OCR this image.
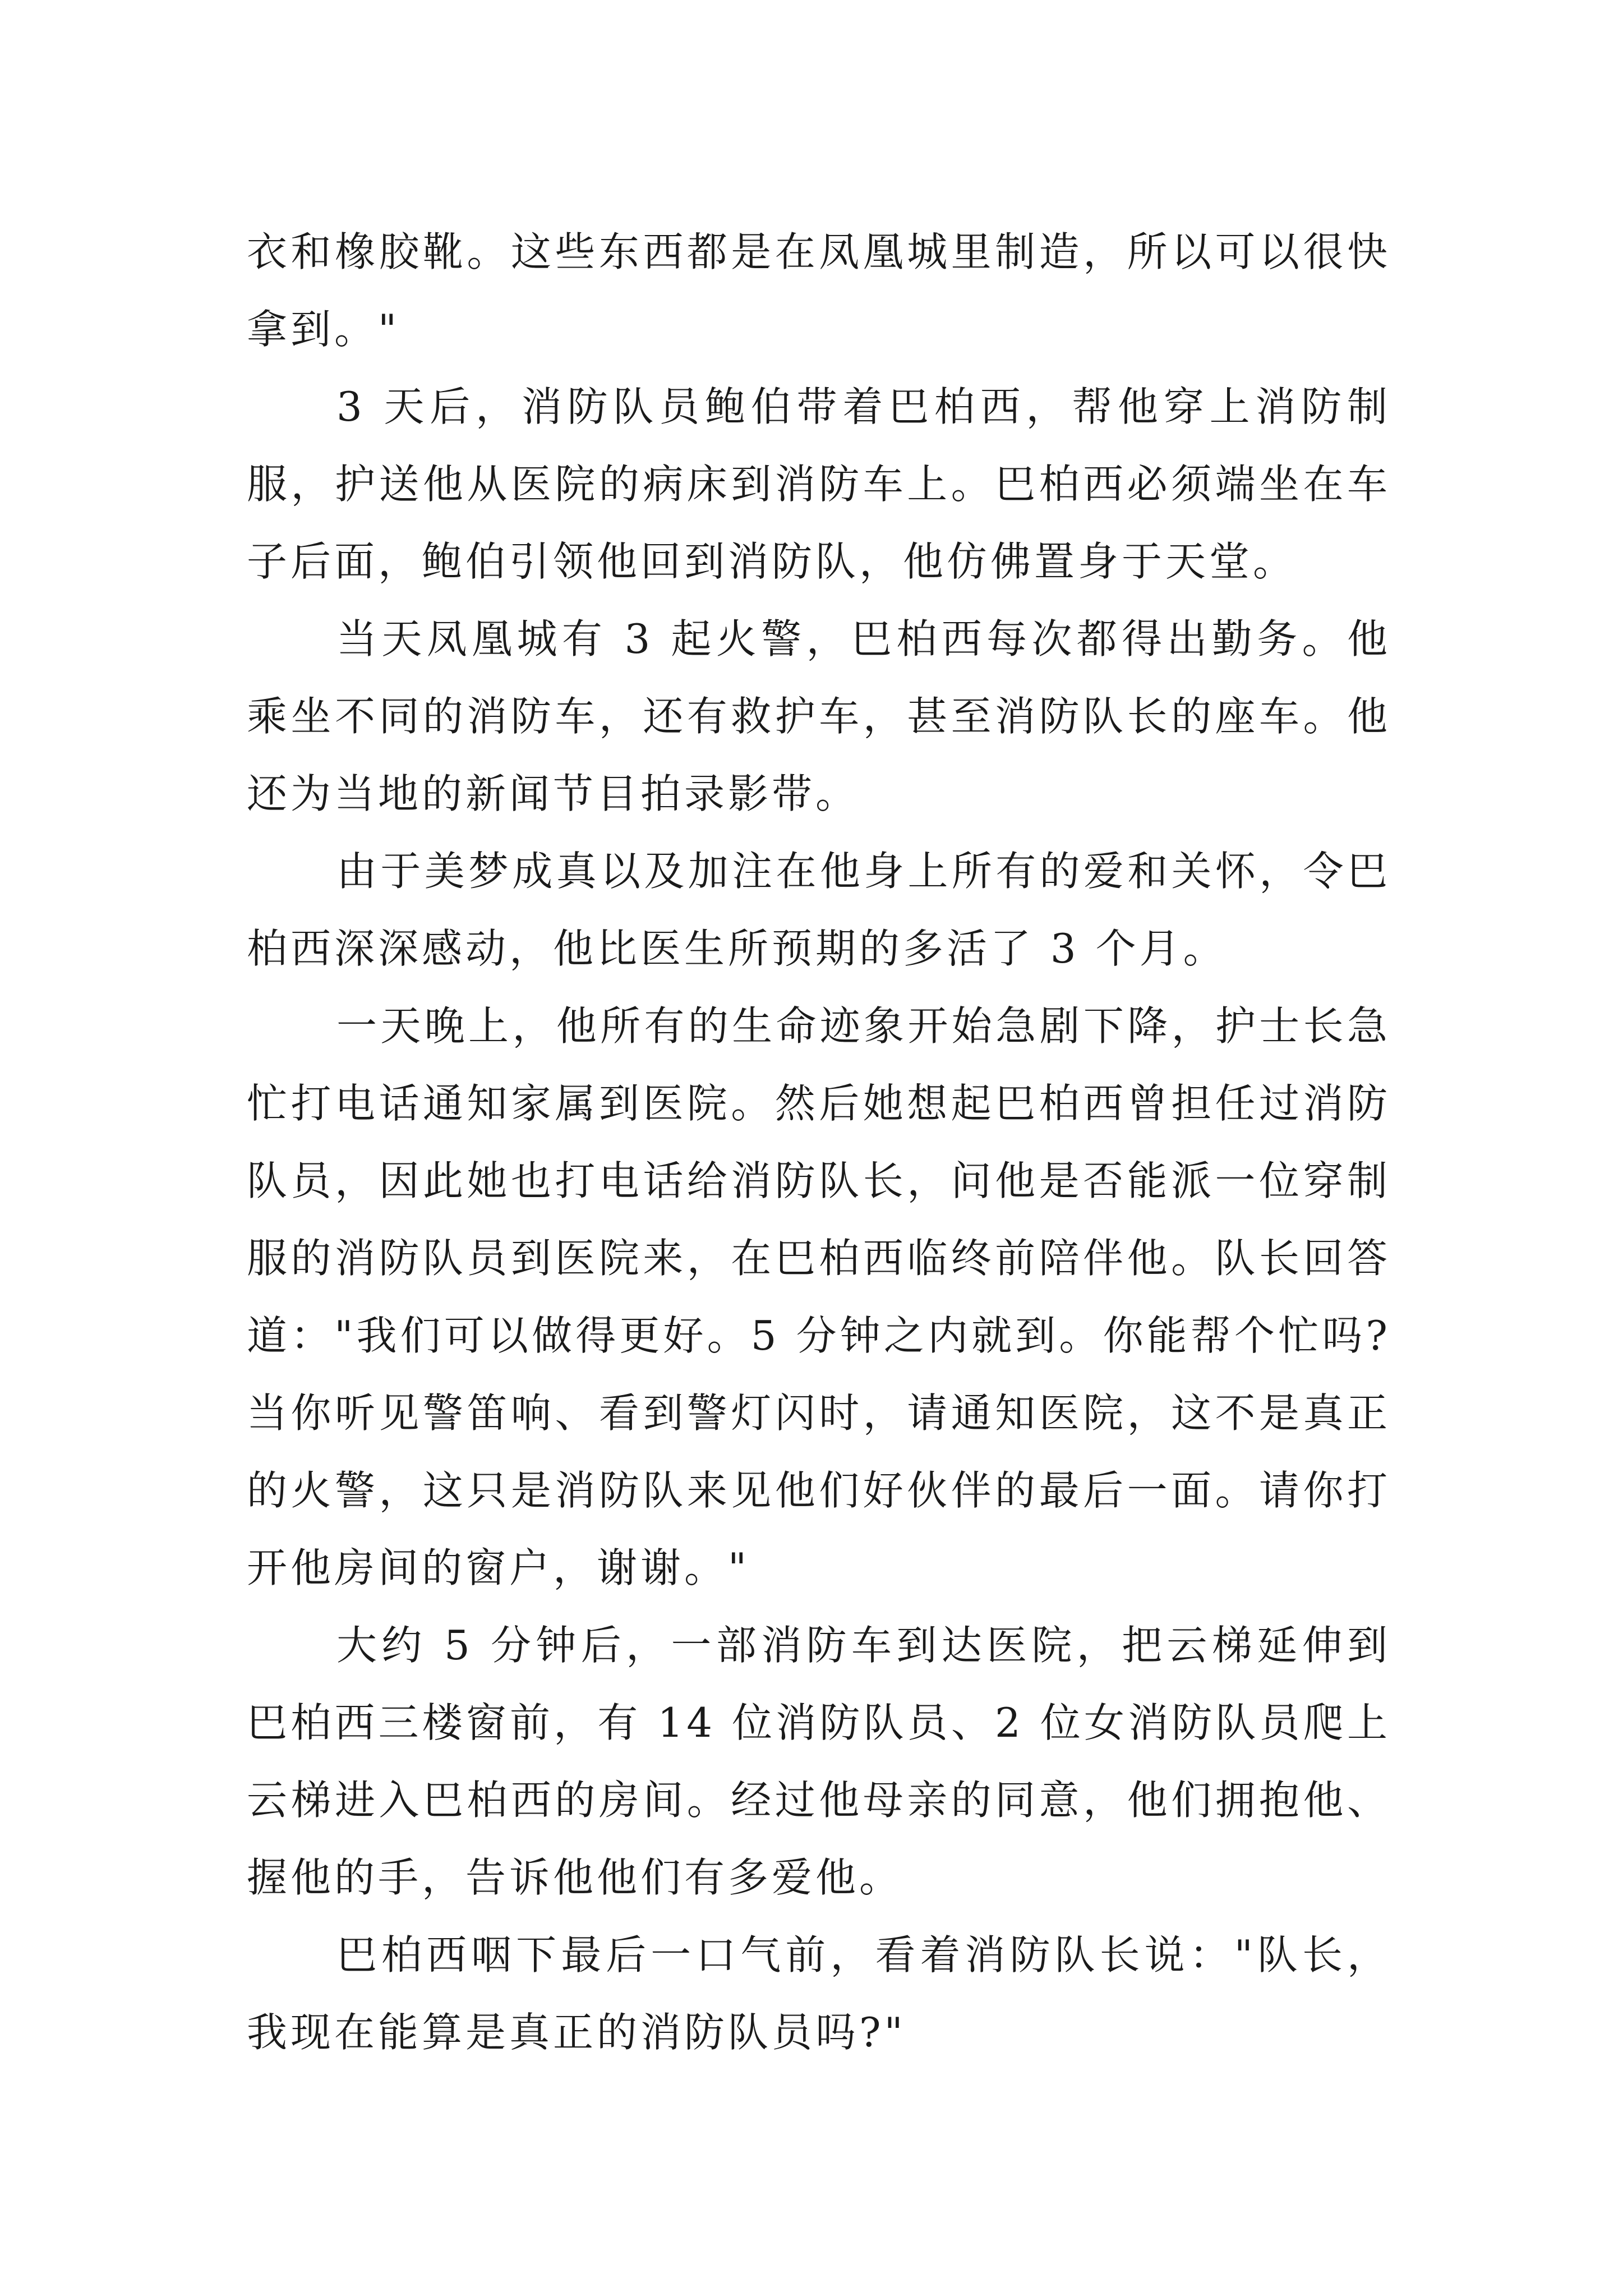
衣和橡胶靴。这些东西都是在凤凰城里制造，所以可以很快拿到。"

3 天后，消防队员鲍伯带着巴柏西，帮他穿上消防制服，护送他从医院的病床到消防车上。巴柏西必须端坐在车子后面，鲍伯引领他回到消防队，他仿佛置身于天堂。

当天凤凰城有 3 起火警，巴柏西每次都得出勤务。他乘坐不同的消防车，还有救护车，甚至消防队长的座车。他还为当地的新闻节目拍录影带。

由于美梦成真以及加注在他身上所有的爱和关怀，令巴柏西深深感动，他比医生所预期的多活了 3 个月。

一天晚上，他所有的生命迹象开始急剧下降，护士长急忙打电话通知家属到医院。然后她想起巴柏西曾担任过消防队员，因此她也打电话给消防队长，问他是否能派一位穿制服的消防队员到医院来，在巴柏西临终前陪伴他。队长回答道："我们可以做得更好。5 分钟之内就到。你能帮个忙吗?当你听见警笛响、看到警灯闪时，请通知医院，这不是真正的火警，这只是消防队来见他们好伙伴的最后一面。请你打开他房间的窗户，谢谢。"

大约 5 分钟后，一部消防车到达医院，把云梯延伸到巴柏西三楼窗前，有 14 位消防队员、2 位女消防队员爬上云梯进入巴柏西的房间。经过他母亲的同意，他们拥抱他、握他的手，告诉他他们有多爱他。

巴柏西咽下最后一口气前，看着消防队长说："队长，我现在能算是真正的消防队员吗?"
